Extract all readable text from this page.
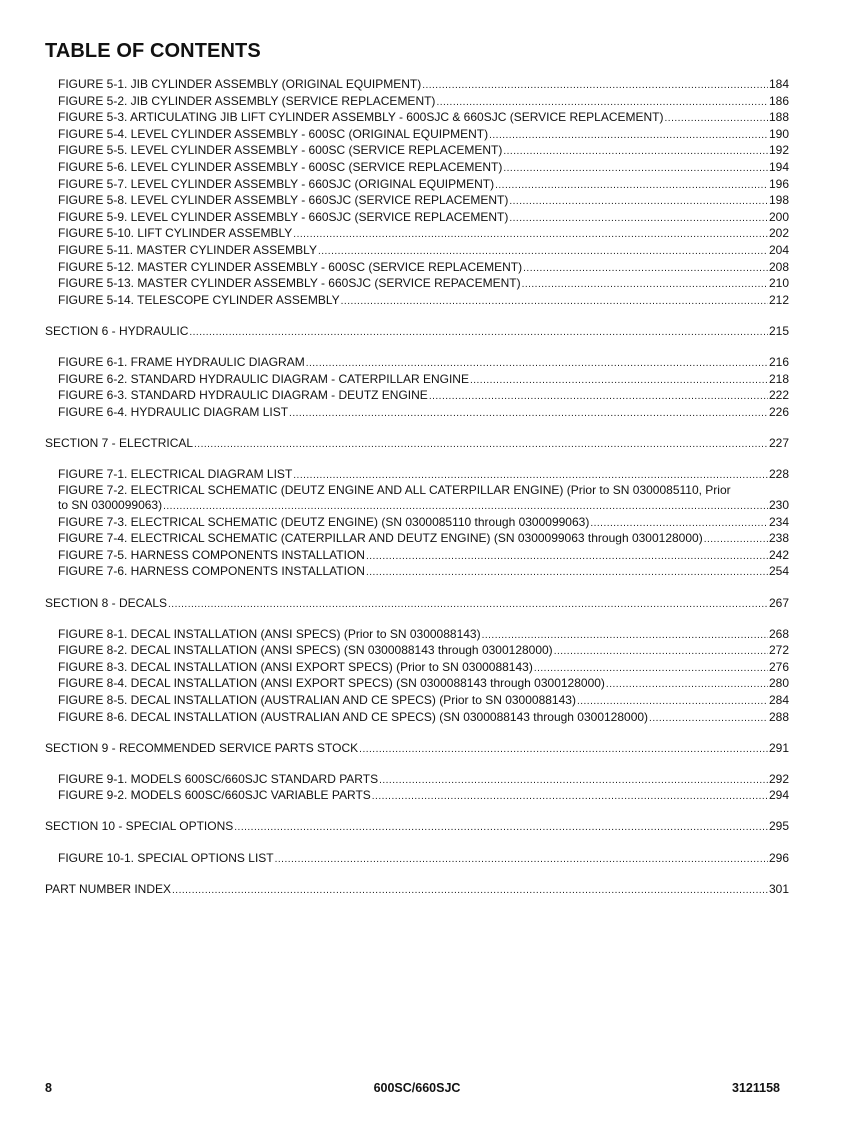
TABLE OF CONTENTS
FIGURE 5-1. JIB CYLINDER ASSEMBLY (ORIGINAL EQUIPMENT) .....	184
FIGURE 5-2. JIB CYLINDER ASSEMBLY (SERVICE REPLACEMENT) .....	186
FIGURE 5-3. ARTICULATING JIB LIFT CYLINDER ASSEMBLY - 600SJC & 660SJC (SERVICE REPLACEMENT) .....	188
FIGURE 5-4. LEVEL CYLINDER ASSEMBLY - 600SC (ORIGINAL EQUIPMENT) .....	190
FIGURE 5-5. LEVEL CYLINDER ASSEMBLY - 600SC (SERVICE REPLACEMENT) .....	192
FIGURE 5-6. LEVEL CYLINDER ASSEMBLY - 600SC (SERVICE REPLACEMENT) .....	194
FIGURE 5-7. LEVEL CYLINDER ASSEMBLY - 660SJC (ORIGINAL EQUIPMENT) .....	196
FIGURE 5-8. LEVEL CYLINDER ASSEMBLY - 660SJC (SERVICE REPLACEMENT) .....	198
FIGURE 5-9. LEVEL CYLINDER ASSEMBLY - 660SJC (SERVICE REPLACEMENT) .....	200
FIGURE 5-10. LIFT CYLINDER ASSEMBLY .....	202
FIGURE 5-11. MASTER CYLINDER ASSEMBLY .....	204
FIGURE 5-12. MASTER CYLINDER ASSEMBLY - 600SC (SERVICE REPLACEMENT) .....	208
FIGURE 5-13. MASTER CYLINDER ASSEMBLY - 660SJC (SERVICE REPACEMENT) .....	210
FIGURE 5-14. TELESCOPE CYLINDER ASSEMBLY .....	212
SECTION 6 - HYDRAULIC .....	215
FIGURE 6-1. FRAME HYDRAULIC DIAGRAM .....	216
FIGURE 6-2. STANDARD HYDRAULIC DIAGRAM - CATERPILLAR ENGINE .....	218
FIGURE 6-3. STANDARD HYDRAULIC DIAGRAM - DEUTZ ENGINE .....	222
FIGURE 6-4. HYDRAULIC DIAGRAM LIST .....	226
SECTION 7 - ELECTRICAL .....	227
FIGURE 7-1. ELECTRICAL DIAGRAM LIST .....	228
FIGURE 7-2. ELECTRICAL SCHEMATIC (DEUTZ ENGINE AND ALL CATERPILLAR ENGINE) (Prior to SN 0300085110, Prior
to SN 0300099063) .....	230
FIGURE 7-3. ELECTRICAL SCHEMATIC (DEUTZ ENGINE) (SN 0300085110 through 0300099063) .....	234
FIGURE 7-4. ELECTRICAL SCHEMATIC (CATERPILLAR AND DEUTZ ENGINE) (SN 0300099063 through 0300128000) .....	238
FIGURE 7-5. HARNESS COMPONENTS INSTALLATION .....	242
FIGURE 7-6. HARNESS COMPONENTS INSTALLATION .....	254
SECTION 8 - DECALS .....	267
FIGURE 8-1. DECAL INSTALLATION (ANSI SPECS) (Prior to SN 0300088143) .....	268
FIGURE 8-2. DECAL INSTALLATION (ANSI SPECS) (SN 0300088143 through 0300128000) .....	272
FIGURE 8-3. DECAL INSTALLATION (ANSI EXPORT SPECS) (Prior to SN 0300088143) .....	276
FIGURE 8-4. DECAL INSTALLATION (ANSI EXPORT SPECS) (SN 0300088143 through 0300128000) .....	280
FIGURE 8-5. DECAL INSTALLATION (AUSTRALIAN AND CE SPECS) (Prior to SN 0300088143) .....	284
FIGURE 8-6. DECAL INSTALLATION (AUSTRALIAN AND CE SPECS) (SN 0300088143 through 0300128000) .....	288
SECTION 9 - RECOMMENDED SERVICE PARTS STOCK .....	291
FIGURE 9-1. MODELS 600SC/660SJC STANDARD PARTS .....	292
FIGURE 9-2. MODELS 600SC/660SJC VARIABLE PARTS .....	294
SECTION 10 - SPECIAL OPTIONS .....	295
FIGURE 10-1. SPECIAL OPTIONS LIST .....	296
PART NUMBER INDEX .....	301
8	600SC/660SJC	3121158
